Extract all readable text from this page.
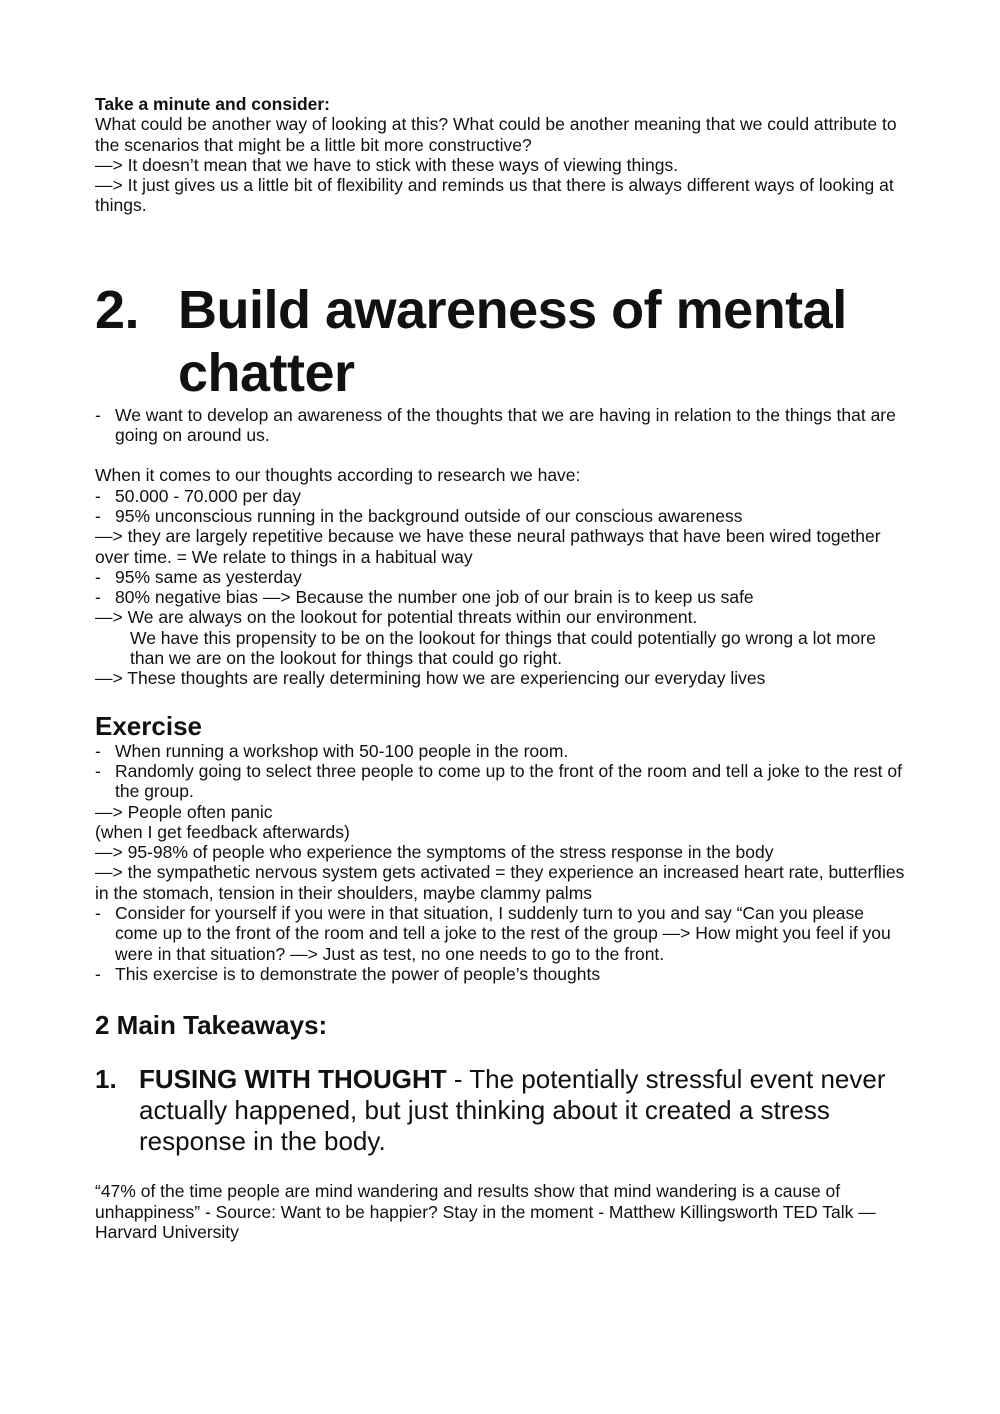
Take a minute and consider:

What could be another way of looking at this? What could be another meaning that we could attribute to the scenarios that might be a little bit more constructive?
—> It doesn’t mean that we have to stick with these ways of viewing things.
—> It just gives us a little bit of flexibility and reminds us that there is always different ways of looking at things.
2. Build awareness of mental chatter
- We want to develop an awareness of the thoughts that we are having in relation to the things that are going on around us.
When it comes to our thoughts according to research we have:
- 50.000 - 70.000 per day
- 95% unconscious running in the background outside of our conscious awareness
—> they are largely repetitive because we have these neural pathways that have been wired together over time. = We relate to things in a habitual way
- 95% same as yesterday
- 80% negative bias —> Because the number one job of our brain is to keep us safe
—> We are always on the lookout for potential threats within our environment.
We have this propensity to be on the lookout for things that could potentially go wrong a lot more than we are on the lookout for things that could go right.
—> These thoughts are really determining how we are experiencing our everyday lives
Exercise
- When running a workshop with 50-100 people in the room.
- Randomly going to select three people to come up to the front of the room and tell a joke to the rest of the group.
—> People often panic
(when I get feedback afterwards)
—> 95-98% of people who experience the symptoms of the stress response in the body
—> the sympathetic nervous system gets activated = they experience an increased heart rate, butterflies in the stomach, tension in their shoulders, maybe clammy palms
- Consider for yourself if you were in that situation, I suddenly turn to you and say “Can you please come up to the front of the room and tell a joke to the rest of the group —> How might you feel if you were in that situation? —> Just as test, no one needs to go to the front.
- This exercise is to demonstrate the power of people’s thoughts
2 Main Takeaways:
1. FUSING WITH THOUGHT - The potentially stressful event never actually happened, but just thinking about it created a stress response in the body.

“47% of the time people are mind wandering and results show that mind wandering is a cause of unhappiness” - Source: Want to be happier? Stay in the moment - Matthew Killingsworth TED Talk — Harvard University
